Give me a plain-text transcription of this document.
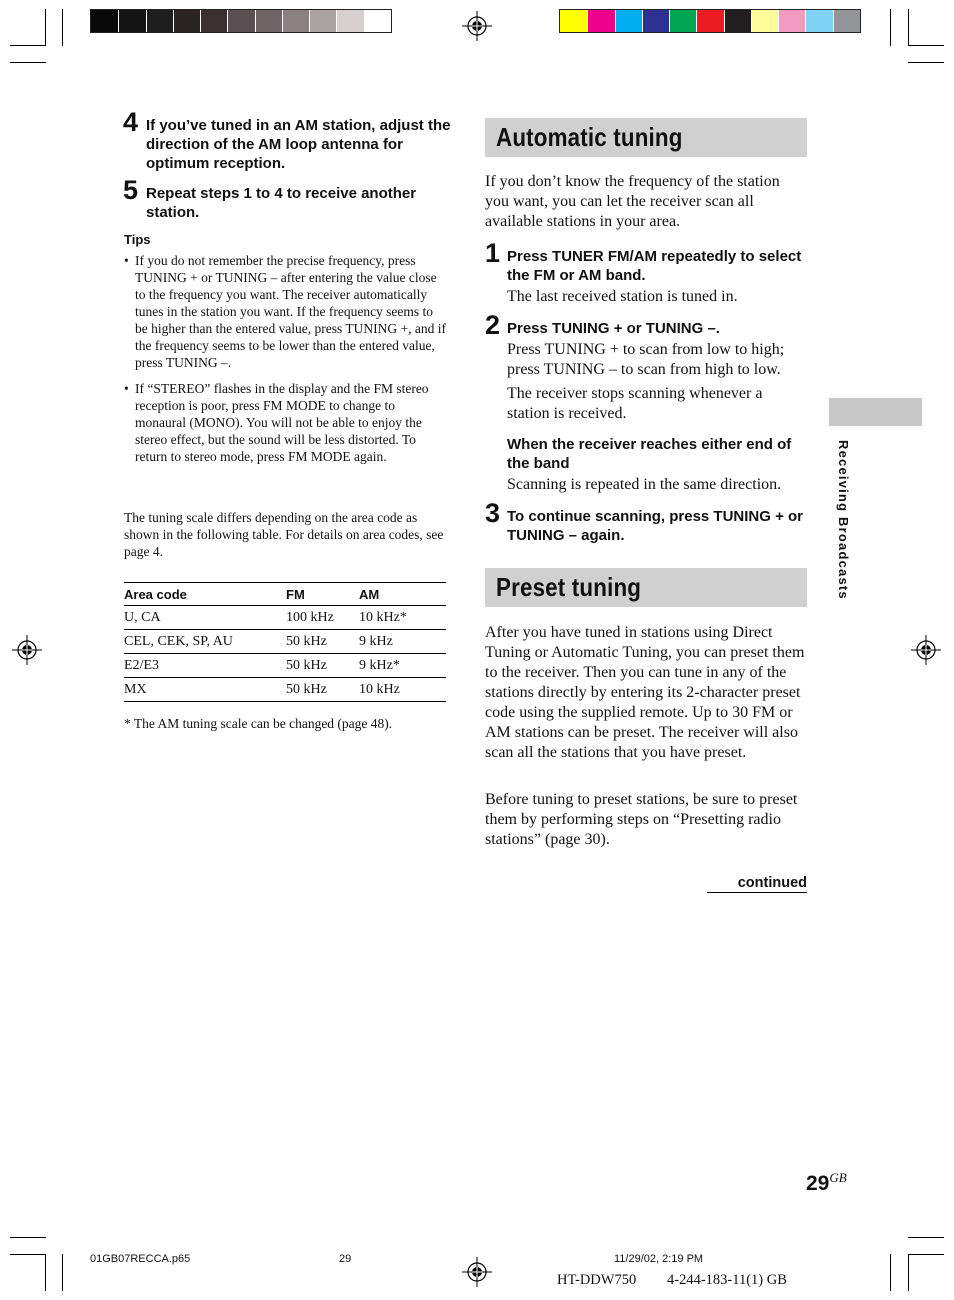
4 If you’ve tuned in an AM station, adjust the direction of the AM loop antenna for optimum reception.
5 Repeat steps 1 to 4 to receive another station.
Tips
• If you do not remember the precise frequency, press TUNING + or TUNING – after entering the value close to the frequency you want. The receiver automatically tunes in the station you want. If the frequency seems to be higher than the entered value, press TUNING +, and if the frequency seems to be lower than the entered value, press TUNING –.
• If “STEREO” flashes in the display and the FM stereo reception is poor, press FM MODE to change to monaural (MONO). You will not be able to enjoy the stereo effect, but the sound will be less distorted. To return to stereo mode, press FM MODE again.
The tuning scale differs depending on the area code as shown in the following table. For details on area codes, see page 4.
Area code	FM	AM
U, CA	100 kHz	10 kHz*
CEL, CEK, SP, AU	50 kHz	9 kHz
E2/E3	50 kHz	9 kHz*
MX	50 kHz	10 kHz
* The AM tuning scale can be changed (page 48).
Automatic tuning
If you don’t know the frequency of the station you want, you can let the receiver scan all available stations in your area.
1 Press TUNER FM/AM repeatedly to select the FM or AM band.
The last received station is tuned in.
2 Press TUNING + or TUNING –.
Press TUNING + to scan from low to high; press TUNING – to scan from high to low.
The receiver stops scanning whenever a station is received.
When the receiver reaches either end of the band
Scanning is repeated in the same direction.
3 To continue scanning, press TUNING + or TUNING – again.
Preset tuning
After you have tuned in stations using Direct Tuning or Automatic Tuning, you can preset them to the receiver. Then you can tune in any of the stations directly by entering its 2-character preset code using the supplied remote. Up to 30 FM or AM stations can be preset. The receiver will also scan all the stations that you have preset.
Before tuning to preset stations, be sure to preset them by performing steps on “Presetting radio stations” (page 30).
continued
Receiving Broadcasts
$29^{GB}$
01GB07RECCA.p65	29	11/29/02, 2:19 PM
HT-DDW750 4-244-183-11(1) GB
